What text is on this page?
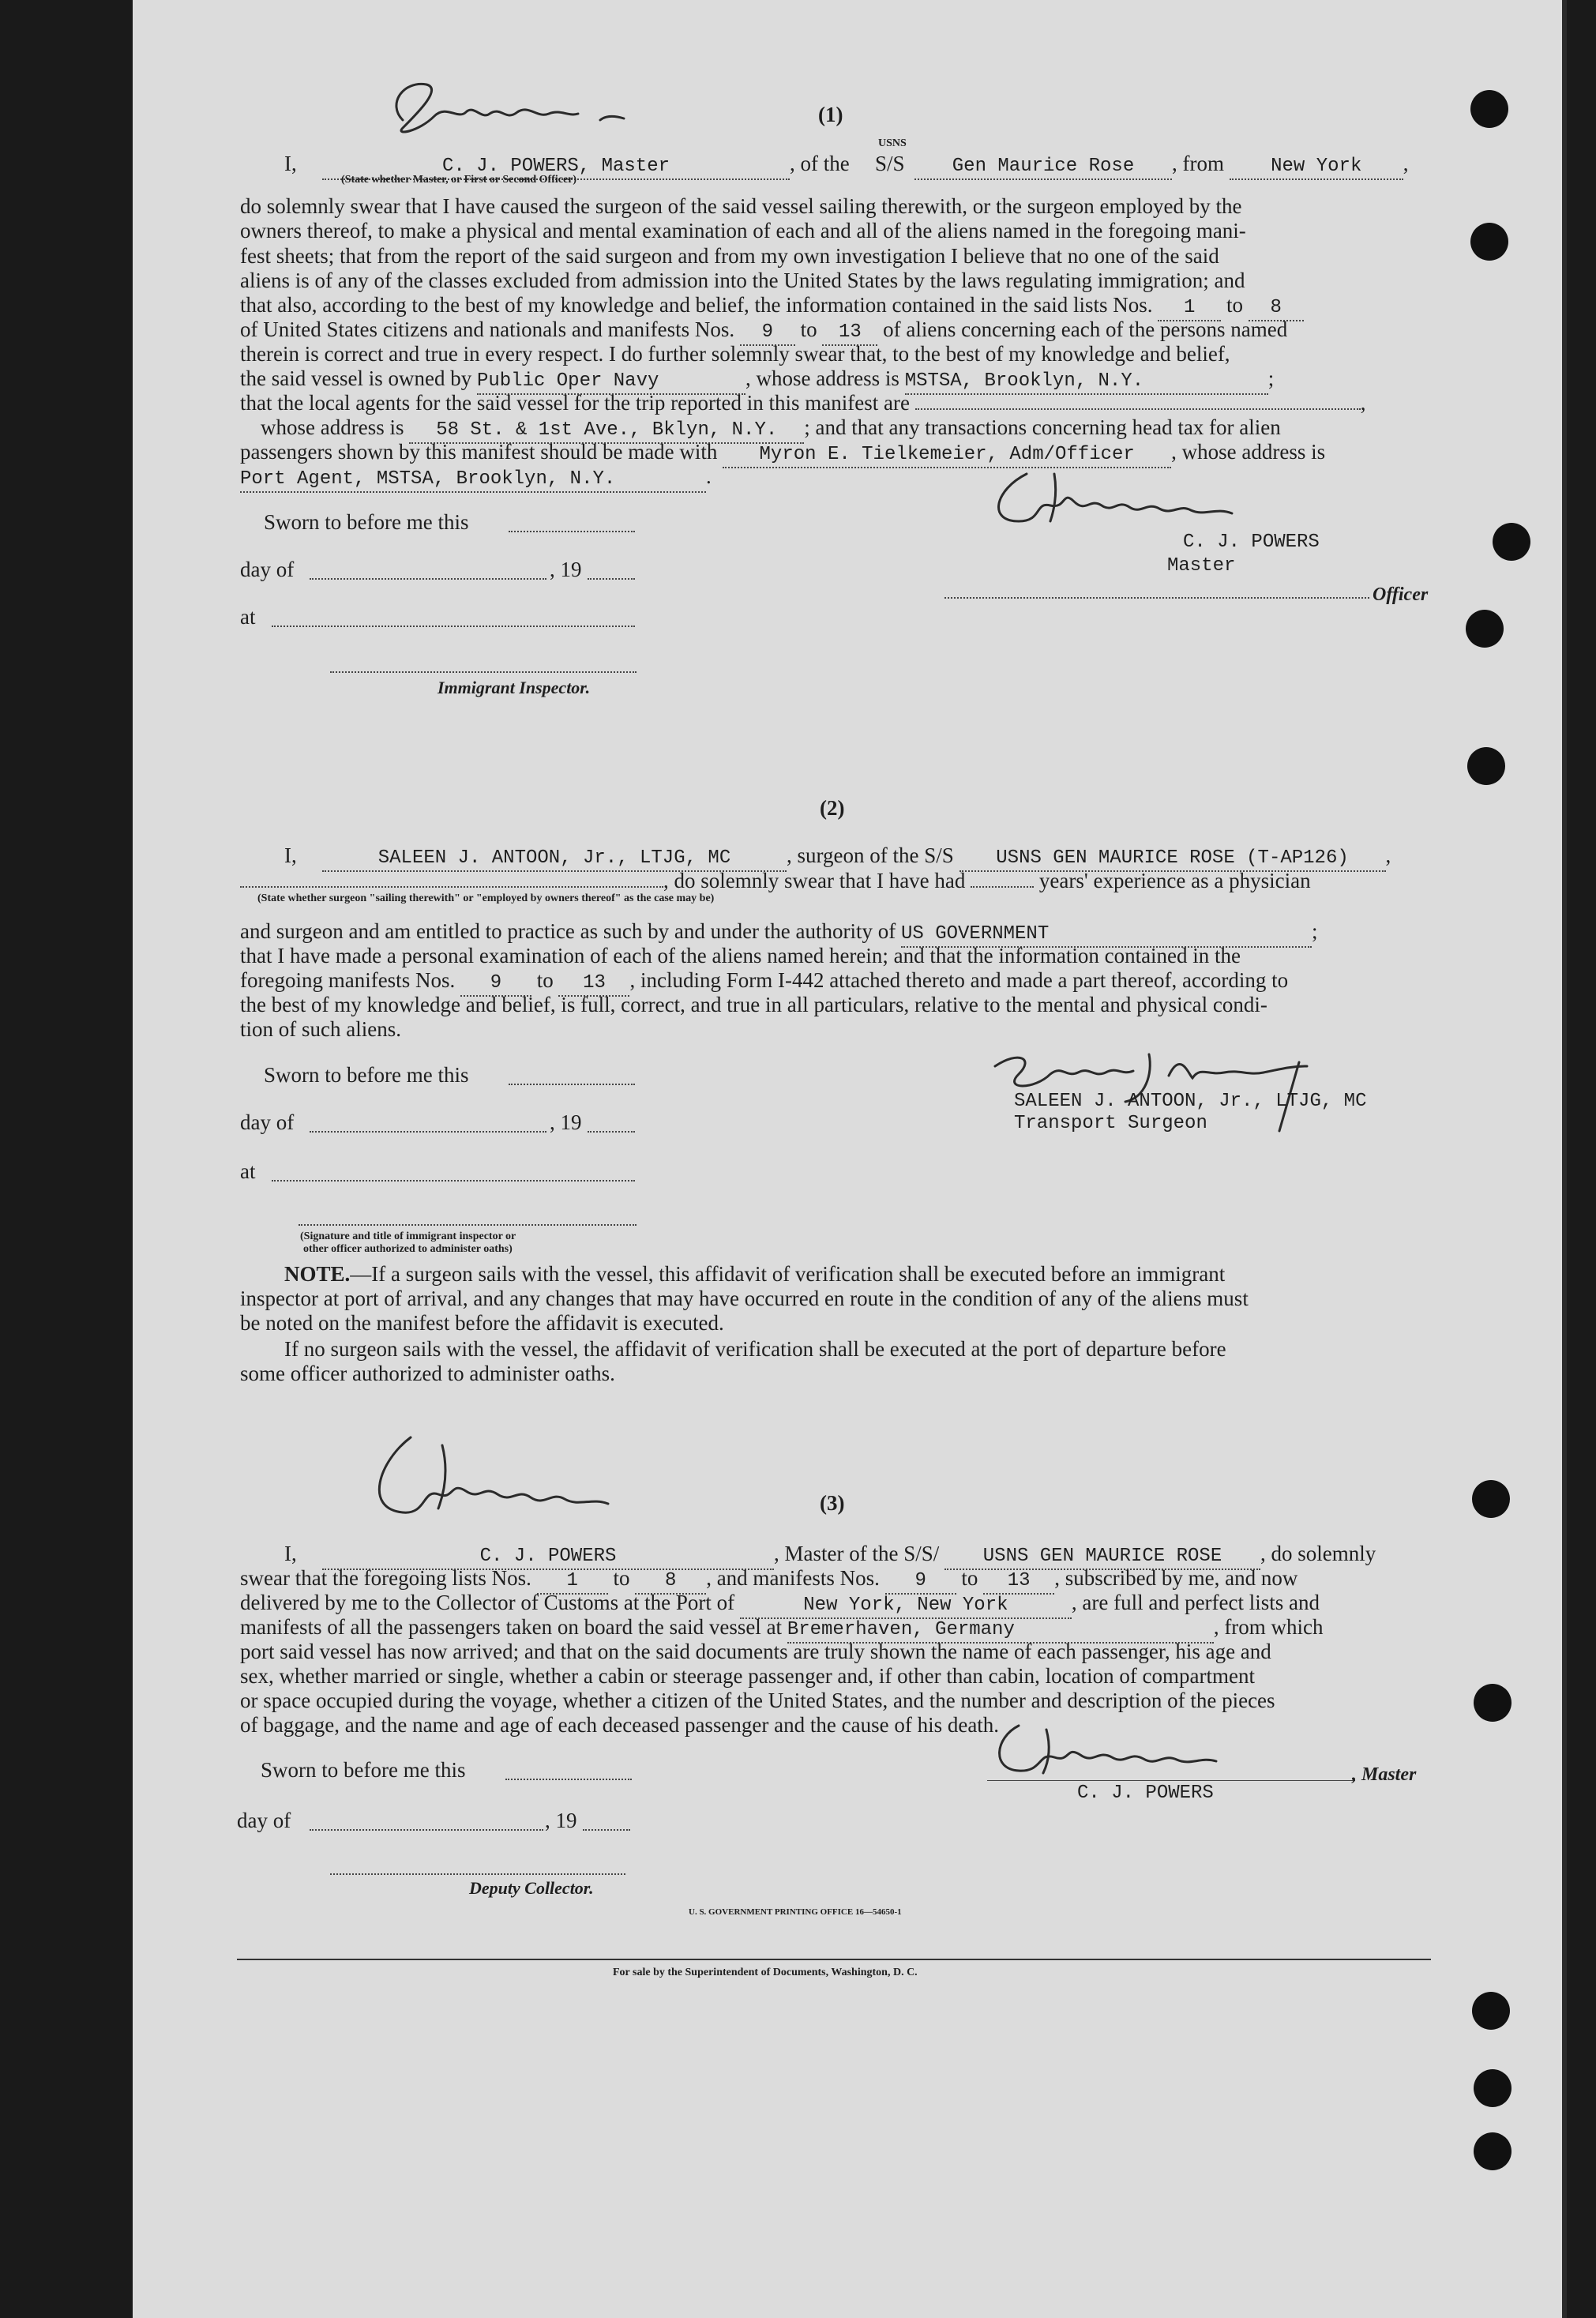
(1)
I,	C. J. POWERS, Master	, of the
USNS
S/S	Gen Maurice Rose , from New York ,
(State whether Master, or First or Second Officer)
do solemnly swear that I have caused the surgeon of the said vessel sailing therewith, or the surgeon employed by the
owners thereof, to make a physical and mental examination of each and all of the aliens named in the foregoing mani-
fest sheets; that from the report of the said surgeon and from my own investigation I believe that no one of the said
aliens is of any of the classes excluded from admission into the United States by the laws regulating immigration; and
that also, according to the best of my knowledge and belief, the information contained in the said lists Nos. 1 to 8
of United States citizens and nationals and manifests Nos. 9 to 13 of aliens concerning each of the persons named
therein is correct and true in every respect. I do further solemnly swear that, to the best of my knowledge and belief,
the said vessel is owned by Public Oper Navy	, whose address is MSTSA, Brooklyn, N.Y.	;
that the local agents for the said vessel for the trip reported in this manifest are	,
whose address is 58 St. & 1st Ave., Bklyn, N.Y. ; and that any transactions concerning head tax for alien
passengers shown by this manifest should be made with Myron E. Tielkemeier, Adm/Officer , whose address is
Port Agent, MSTSA, Brooklyn, N.Y.	.
Sworn to before me this
day of	, 19
at
Immigrant Inspector.
C. J. POWERS
Master
Officer
(2)
I,	SALEEN J. ANTOON, Jr., LTJG, MC	, surgeon of the S/S USNS GEN MAURICE ROSE (T-AP126) ,
, do solemnly swear that I have had	years' experience as a physician
(State whether surgeon "sailing therewith" or "employed by owners thereof" as the case may be)
and surgeon and am entitled to practice as such by and under the authority of US GOVERNMENT	;
that I have made a personal examination of each of the aliens named herein; and that the information contained in the
foregoing manifests Nos. 9 to 13 , including Form I-442 attached thereto and made a part thereof, according to
the best of my knowledge and belief, is full, correct, and true in all particulars, relative to the mental and physical condi-
tion of such aliens.
Sworn to before me this
day of	, 19
at
(Signature and title of immigrant inspector or
other officer authorized to administer oaths)
SALEEN J. ANTOON, Jr., LTJG, MC
Transport Surgeon
NOTE.—If a surgeon sails with the vessel, this affidavit of verification shall be executed before an immigrant
inspector at port of arrival, and any changes that may have occurred en route in the condition of any of the aliens must
be noted on the manifest before the affidavit is executed.
If no surgeon sails with the vessel, the affidavit of verification shall be executed at the port of departure before
some officer authorized to administer oaths.
(3)
I,	C. J. POWERS	, Master of the S/S/ USNS GEN MAURICE ROSE , do solemnly
swear that the foregoing lists Nos. 1 to 8 , and manifests Nos. 9 to 13 , subscribed by me, and now
delivered by me to the Collector of Customs at the Port of	New York, New York	, are full and perfect lists and
manifests of all the passengers taken on board the said vessel at Bremerhaven, Germany	, from which
port said vessel has now arrived; and that on the said documents are truly shown the name of each passenger, his age and
sex, whether married or single, whether a cabin or steerage passenger and, if other than cabin, location of compartment
or space occupied during the voyage, whether a citizen of the United States, and the number and description of the pieces
of baggage, and the name and age of each deceased passenger and the cause of his death.
Sworn to before me this
day of	, 19
Deputy Collector.
, Master
C. J. POWERS
U. S. GOVERNMENT PRINTING OFFICE 16—54650-1
For sale by the Superintendent of Documents, Washington, D. C.
